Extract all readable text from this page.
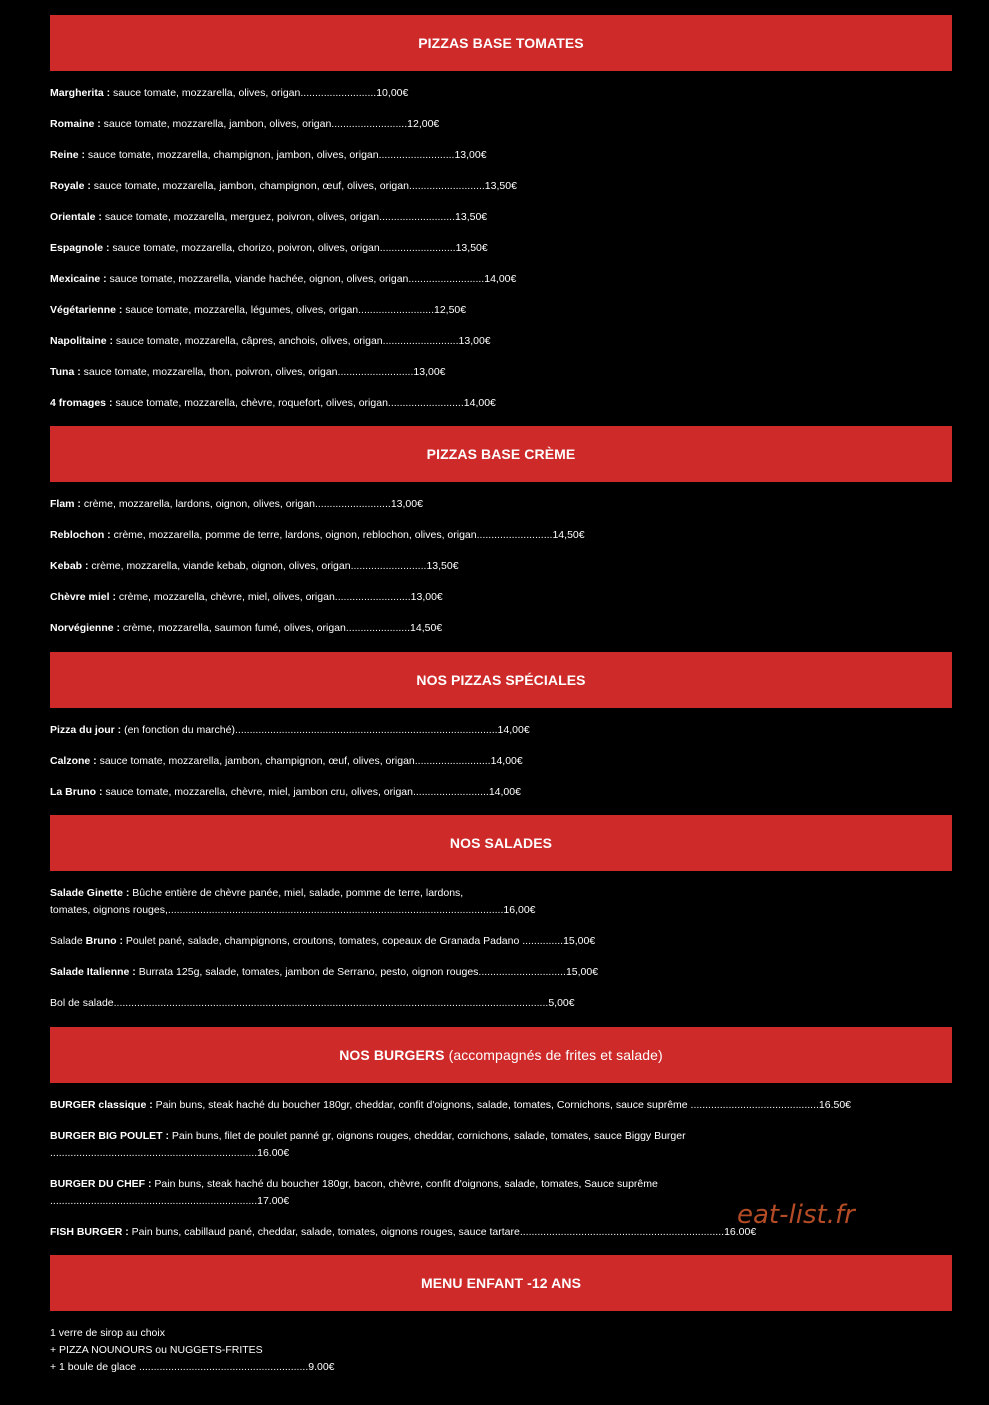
PIZZAS BASE TOMATES
Margherita : sauce tomate, mozzarella, olives, origan..........................10,00€
Romaine : sauce tomate, mozzarella, jambon, olives, origan..........................12,00€
Reine : sauce tomate, mozzarella, champignon, jambon, olives, origan..........................13,00€
Royale : sauce tomate, mozzarella, jambon, champignon, œuf, olives, origan..........................13,50€
Orientale : sauce tomate, mozzarella, merguez, poivron, olives, origan..........................13,50€
Espagnole : sauce tomate, mozzarella, chorizo, poivron, olives, origan..........................13,50€
Mexicaine : sauce tomate, mozzarella, viande hachée, oignon, olives, origan..........................14,00€
Végétarienne : sauce tomate, mozzarella, légumes, olives, origan..........................12,50€
Napolitaine : sauce tomate, mozzarella, câpres, anchois, olives, origan..........................13,00€
Tuna : sauce tomate, mozzarella, thon, poivron, olives, origan..........................13,00€
4 fromages : sauce tomate, mozzarella, chèvre, roquefort, olives, origan..........................14,00€
PIZZAS BASE CRÈME
Flam : crème, mozzarella, lardons, oignon, olives, origan..........................13,00€
Reblochon : crème, mozzarella, pomme de terre, lardons, oignon, reblochon, olives, origan..........................14,50€
Kebab : crème, mozzarella, viande kebab, oignon, olives, origan..........................13,50€
Chèvre miel : crème, mozzarella, chèvre, miel, olives, origan..........................13,00€
Norvégienne : crème, mozzarella, saumon fumé, olives, origan......................14,50€
NOS PIZZAS SPÉCIALES
Pizza du jour : (en fonction du marché)..........................................................................................14,00€
Calzone : sauce tomate, mozzarella, jambon, champignon, œuf, olives, origan..........................14,00€
La Bruno : sauce tomate, mozzarella, chèvre, miel, jambon cru, olives, origan..........................14,00€
NOS SALADES
Salade Ginette : Bûche entière de chèvre panée, miel, salade, pomme de terre, lardons,
tomates, oignons rouges,...................................................................................................................16,00€
Salade Bruno : Poulet pané, salade, champignons, croutons, tomates, copeaux de Granada Padano ..............15,00€
Salade Italienne : Burrata 125g, salade, tomates, jambon de Serrano, pesto, oignon rouges..............................15,00€
Bol de salade.....................................................................................................................................................5,00€
NOS BURGERS (accompagnés de frites et salade)
BURGER classique : Pain buns, steak haché du boucher 180gr, cheddar, confit d'oignons, salade, tomates, Cornichons, sauce suprême ............................................16.50€
BURGER BIG POULET : Pain buns, filet de poulet panné gr, oignons rouges, cheddar, cornichons, salade, tomates, sauce Biggy Burger
.......................................................................16.00€
BURGER DU CHEF : Pain buns, steak haché du boucher 180gr, bacon, chèvre, confit d'oignons, salade, tomates, Sauce suprême
.......................................................................17.00€
FISH BURGER : Pain buns, cabillaud pané, cheddar, salade, tomates, oignons rouges, sauce tartare......................................................................16.00€
eat-list.fr
MENU ENFANT -12 ANS
1 verre de sirop au choix
+ PIZZA NOUNOURS ou NUGGETS-FRITES
+ 1 boule de glace ..........................................................9.00€
